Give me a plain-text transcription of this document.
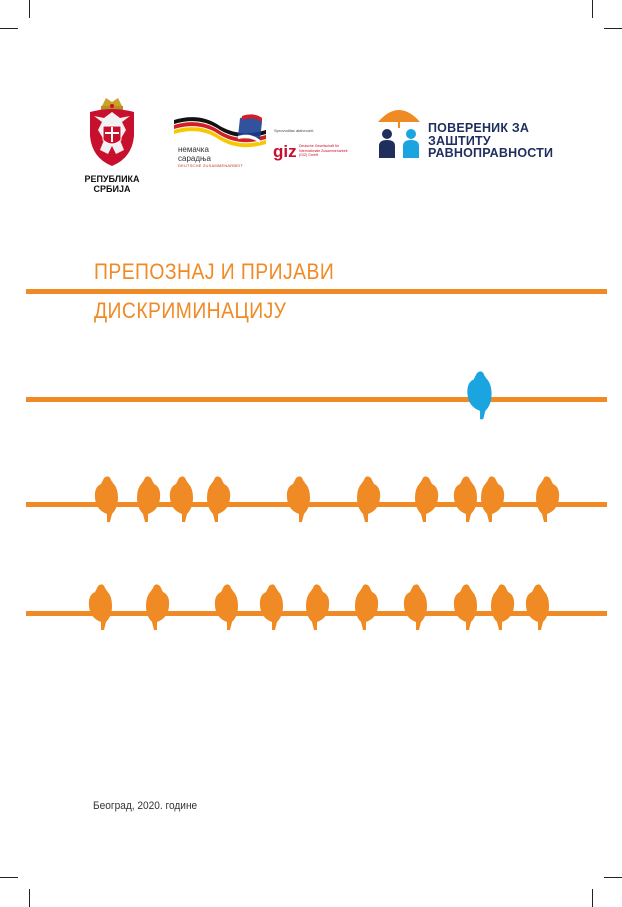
РЕПУБЛИКА
СРБИЈА
немачка
сарадња
DEUTSCHE ZUSAMMENARBEIT
Sprovodilac aktivnosti:
giz Deutsche Gesellschaft für Internationale Zusammenarbeit (GIZ) GmbH
ПОВЕРЕНИК ЗА
ЗАШТИТУ
РАВНОПРАВНОСТИ
ПРЕПОЗНАЈ И ПРИЈАВИ
ДИСКРИМИНАЦИЈУ
Београд, 2020. године
